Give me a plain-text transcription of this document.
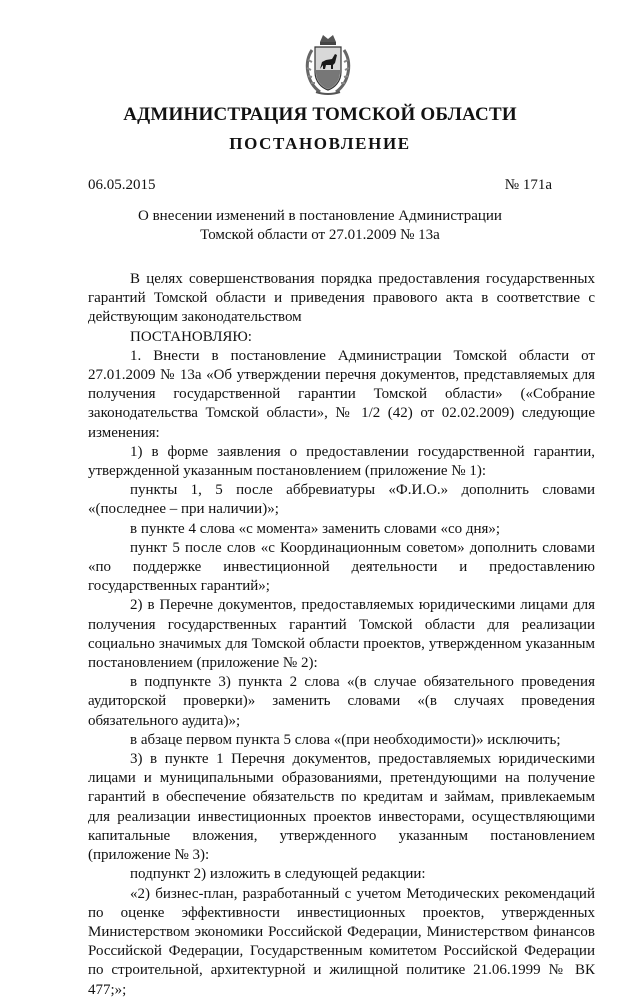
АДМИНИСТРАЦИЯ ТОМСКОЙ ОБЛАСТИ
ПОСТАНОВЛЕНИЕ
06.05.2015	№ 171а
О внесении изменений в постановление Администрации
Томской области от 27.01.2009 № 13а

В целях совершенствования порядка предоставления государственных гарантий Томской области и приведения правового акта в соответствие с действующим законодательством

ПОСТАНОВЛЯЮ:

1. Внести в постановление Администрации Томской области от 27.01.2009 № 13а «Об утверждении перечня документов, представляемых для получения государственной гарантии Томской области» («Собрание законодательства Томской области», № 1/2 (42) от 02.02.2009) следующие изменения:

1) в форме заявления о предоставлении государственной гарантии, утвержденной указанным постановлением (приложение № 1):

пункты 1, 5 после аббревиатуры «Ф.И.О.» дополнить словами «(последнее – при наличии)»;

в пункте 4 слова «с момента» заменить словами «со дня»;

пункт 5 после слов «с Координационным советом» дополнить словами «по поддержке инвестиционной деятельности и предоставлению государственных гарантий»;

2) в Перечне документов, предоставляемых юридическими лицами для получения государственных гарантий Томской области для реализации социально значимых для Томской области проектов, утвержденном указанным постановлением (приложение № 2):

в подпункте 3) пункта 2 слова «(в случае обязательного проведения аудиторской проверки)» заменить словами «(в случаях проведения обязательного аудита)»;

в абзаце первом пункта 5 слова «(при необходимости)» исключить;

3) в пункте 1 Перечня документов, предоставляемых юридическими лицами и муниципальными образованиями, претендующими на получение гарантий в обеспечение обязательств по кредитам и займам, привлекаемым для реализации инвестиционных проектов инвесторами, осуществляющими капитальные вложения, утвержденного указанным постановлением (приложение № 3):

подпункт 2) изложить в следующей редакции:

«2) бизнес-план, разработанный с учетом Методических рекомендаций по оценке эффективности инвестиционных проектов, утвержденных Министерством экономики Российской Федерации, Министерством финансов Российской Федерации, Государственным комитетом Российской Федерации по строительной, архитектурной и жилищной политике 21.06.1999 № ВК 477;»;
